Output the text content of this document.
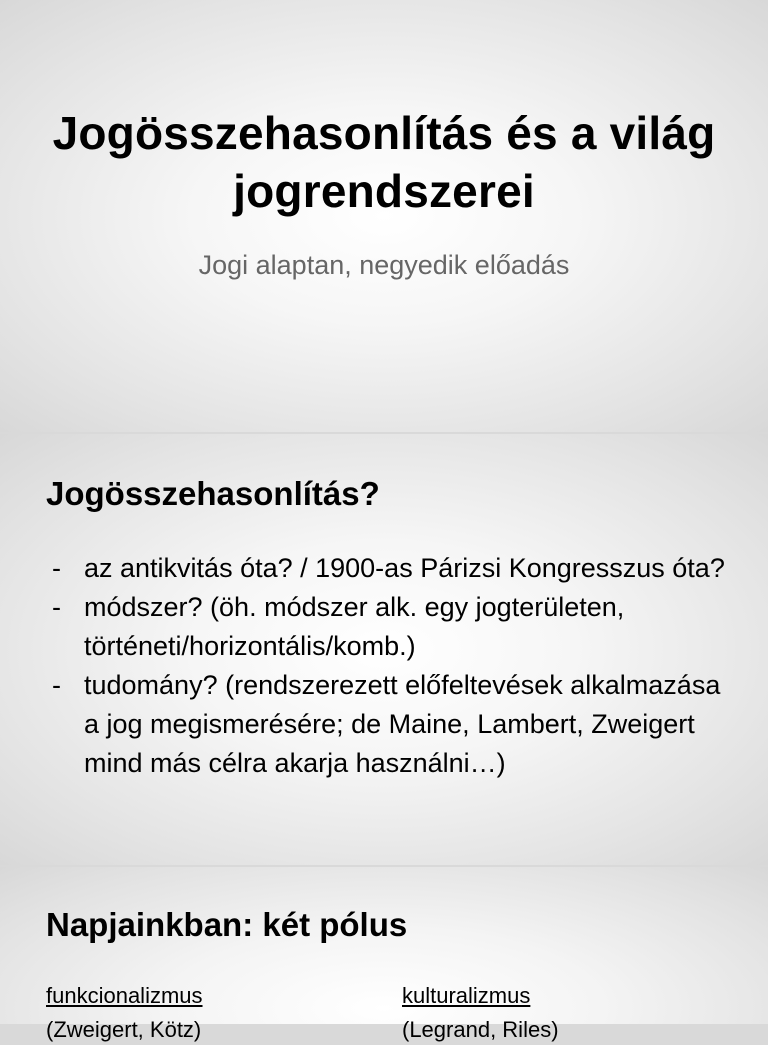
Jogösszehasonlítás és a világ jogrendszerei
Jogi alaptan, negyedik előadás
Jogösszehasonlítás?
- az antikvitás óta? / 1900-as Párizsi Kongresszus óta?
- módszer? (öh. módszer alk. egy jogterületen, történeti/horizontális/komb.)
- tudomány? (rendszerezett előfeltevések alkalmazása a jog megismerésére; de Maine, Lambert, Zweigert mind más célra akarja használni…)
Napjainkban: két pólus
funkcionalizmus	kulturalizmus
(Zweigert, Kötz)	(Legrand, Riles)
